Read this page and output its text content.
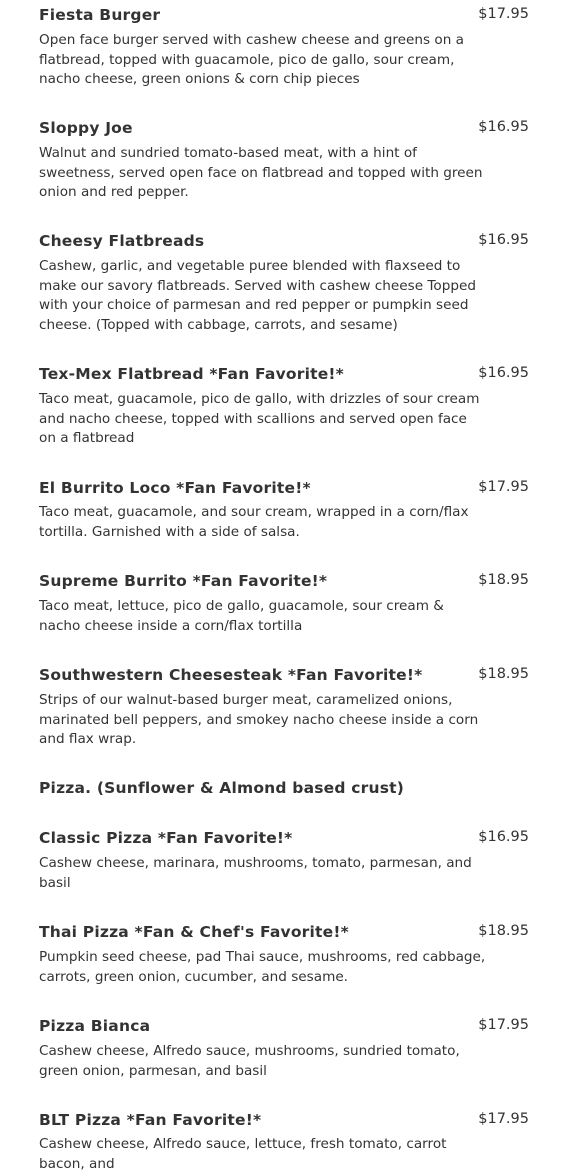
Fiesta Burger	$17.95
Open face burger served with cashew cheese and greens on a flatbread, topped with guacamole, pico de gallo, sour cream, nacho cheese, green onions & corn chip pieces
Sloppy Joe	$16.95
Walnut and sundried tomato-based meat, with a hint of sweetness, served open face on flatbread and topped with green onion and red pepper.
Cheesy Flatbreads	$16.95
Cashew, garlic, and vegetable puree blended with flaxseed to make our savory flatbreads. Served with cashew cheese Topped with your choice of parmesan and red pepper or pumpkin seed cheese. (Topped with cabbage, carrots, and sesame)
Tex-Mex Flatbread *Fan Favorite!*	$16.95
Taco meat, guacamole, pico de gallo, with drizzles of sour cream and nacho cheese, topped with scallions and served open face on a flatbread
El Burrito Loco *Fan Favorite!*	$17.95
Taco meat, guacamole, and sour cream, wrapped in a corn/flax tortilla. Garnished with a side of salsa.
Supreme Burrito *Fan Favorite!*	$18.95
Taco meat, lettuce, pico de gallo, guacamole, sour cream & nacho cheese inside a corn/flax tortilla
Southwestern Cheesesteak *Fan Favorite!*	$18.95
Strips of our walnut-based burger meat, caramelized onions, marinated bell peppers, and smokey nacho cheese inside a corn and flax wrap.
Pizza. (Sunflower & Almond based crust)
Classic Pizza *Fan Favorite!*	$16.95
Cashew cheese, marinara, mushrooms, tomato, parmesan, and basil
Thai Pizza *Fan & Chef's Favorite!*	$18.95
Pumpkin seed cheese, pad Thai sauce, mushrooms, red cabbage, carrots, green onion, cucumber, and sesame.
Pizza Bianca	$17.95
Cashew cheese, Alfredo sauce, mushrooms, sundried tomato, green onion, parmesan, and basil
BLT Pizza *Fan Favorite!*	$17.95
Cashew cheese, Alfredo sauce, lettuce, fresh tomato, carrot bacon, and
